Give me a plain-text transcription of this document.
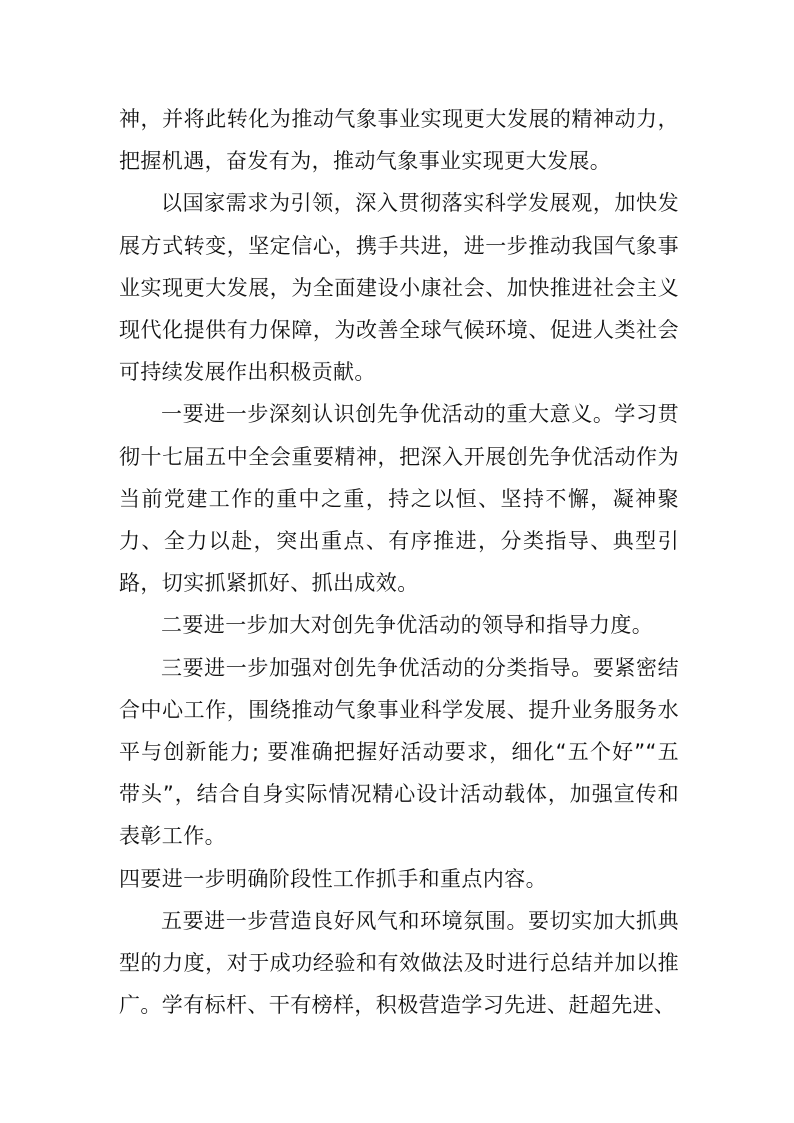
神，并将此转化为推动气象事业实现更大发展的精神动力，把握机遇，奋发有为，推动气象事业实现更大发展。

以国家需求为引领，深入贯彻落实科学发展观，加快发展方式转变，坚定信心，携手共进，进一步推动我国气象事业实现更大发展，为全面建设小康社会、加快推进社会主义现代化提供有力保障，为改善全球气候环境、促进人类社会可持续发展作出积极贡献。

一要进一步深刻认识创先争优活动的重大意义。学习贯彻十七届五中全会重要精神，把深入开展创先争优活动作为当前党建工作的重中之重，持之以恒、坚持不懈，凝神聚力、全力以赴，突出重点、有序推进，分类指导、典型引路，切实抓紧抓好、抓出成效。

二要进一步加大对创先争优活动的领导和指导力度。

三要进一步加强对创先争优活动的分类指导。要紧密结合中心工作，围绕推动气象事业科学发展、提升业务服务水平与创新能力; 要准确把握好活动要求，细化“五个好”“五带头”，结合自身实际情况精心设计活动载体，加强宣传和表彰工作。

四要进一步明确阶段性工作抓手和重点内容。

五要进一步营造良好风气和环境氛围。要切实加大抓典型的力度，对于成功经验和有效做法及时进行总结并加以推广。学有标杆、干有榜样，积极营造学习先进、赶超先进、
